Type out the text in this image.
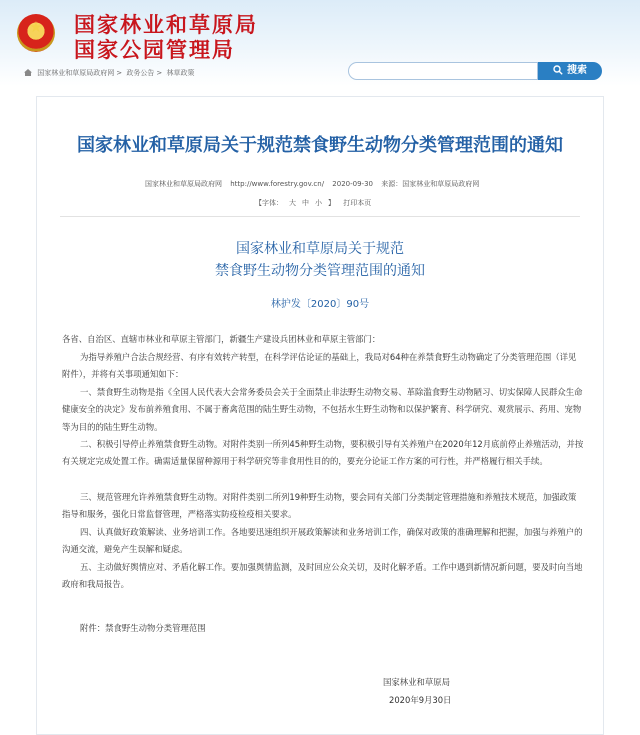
★	国家林业和草原局
国家公园管理局
国家林业和草原局政府网 > 政务公告 > 林草政策	搜索
国家林业和草原局关于规范禁食野生动物分类管理范围的通知
国家林业和草原局政府网 http://www.forestry.gov.cn/ 2020-09-30 来源：国家林业和草原局政府网
【字体： 大 中 小 】 打印本页
国家林业和草原局关于规范
禁食野生动物分类管理范围的通知
林护发〔2020〕90号
各省、自治区、直辖市林业和草原主管部门，新疆生产建设兵团林业和草原主管部门：
为指导养殖户合法合规经营、有序有效转产转型，在科学评估论证的基础上，我局对64种在养禁食野生动物确定了分类管理范围（详见附件），并将有关事项通知如下：
一、禁食野生动物是指《全国人民代表大会常务委员会关于全面禁止非法野生动物交易、革除滥食野生动物陋习、切实保障人民群众生命健康安全的决定》发布前养殖食用、不属于畜禽范围的陆生野生动物，不包括水生野生动物和以保护繁育、科学研究、观赏展示、药用、宠物等为目的的陆生野生动物。
二、积极引导停止养殖禁食野生动物。对附件类别一所列45种野生动物，要积极引导有关养殖户在2020年12月底前停止养殖活动，并按有关规定完成处置工作。确需适量保留种源用于科学研究等非食用性目的的，要充分论证工作方案的可行性，并严格履行相关手续。
三、规范管理允许养殖禁食野生动物。对附件类别二所列19种野生动物，要会同有关部门分类制定管理措施和养殖技术规范，加强政策指导和服务，强化日常监督管理，严格落实防疫检疫相关要求。
四、认真做好政策解读、业务培训工作。各地要迅速组织开展政策解读和业务培训工作，确保对政策的准确理解和把握，加强与养殖户的沟通交流，避免产生误解和疑虑。
五、主动做好舆情应对、矛盾化解工作。要加强舆情监测，及时回应公众关切，及时化解矛盾。工作中遇到新情况新问题，要及时向当地政府和我局报告。
附件：禁食野生动物分类管理范围
国家林业和草原局
2020年9月30日
